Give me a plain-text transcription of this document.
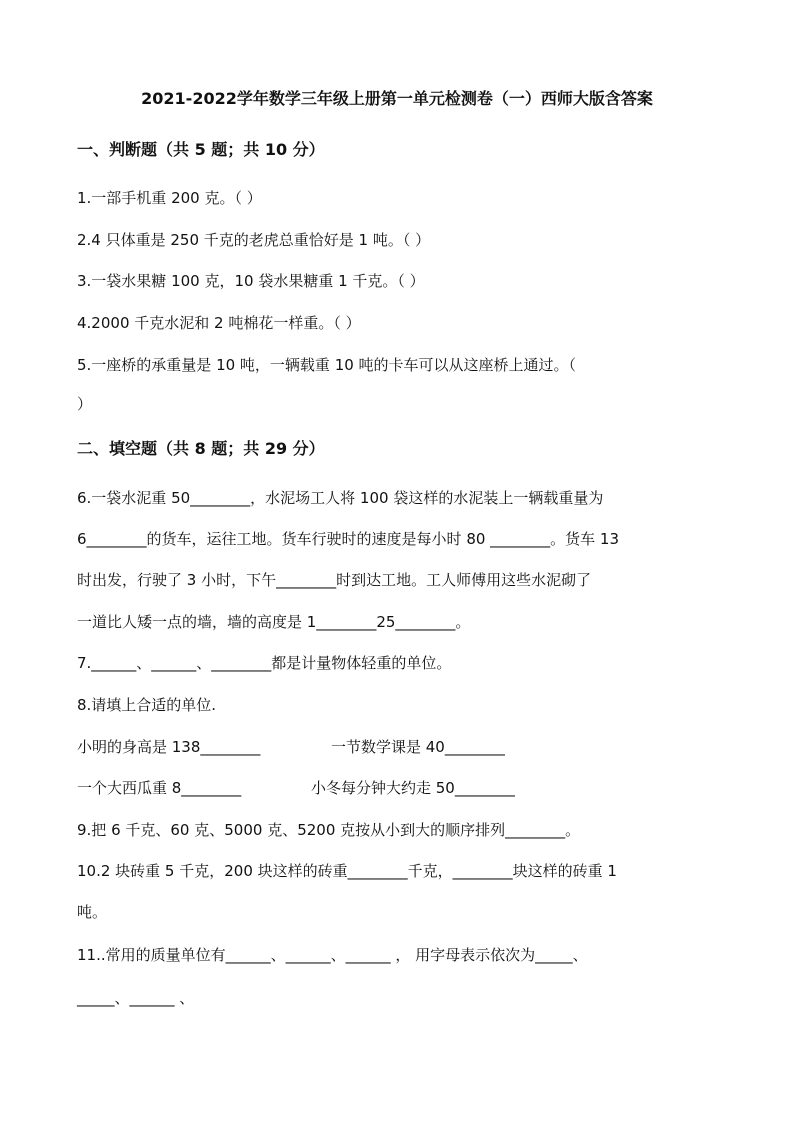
2021-2022学年数学三年级上册第一单元检测卷（一）西师大版含答案
一、判断题（共 5 题；共 10 分）
1.一部手机重 200 克。（ ）
2.4 只体重是 250 千克的老虎总重恰好是 1 吨。（ ）
3.一袋水果糖 100 克，10 袋水果糖重 1 千克。（ ）
4.2000 千克水泥和 2 吨棉花一样重。（ ）
5.一座桥的承重量是 10 吨，一辆载重 10 吨的卡车可以从这座桥上通过。（
）
二、填空题（共 8 题；共 29 分）
6.一袋水泥重 50________，水泥场工人将 100 袋这样的水泥装上一辆载重量为
6________的货车，运往工地。货车行驶时的速度是每小时 80 ________。货车 13
时出发，行驶了 3 小时，下午________时到达工地。工人师傅用这些水泥砌了
一道比人矮一点的墙，墙的高度是 1________25________。
7.______、______、________都是计量物体轻重的单位。
8.请填上合适的单位.
小明的身高是 138________	一节数学课是 40________
一个大西瓜重 8________	小冬每分钟大约走 50________
9.把 6 千克、60 克、5000 克、5200 克按从小到大的顺序排列________。
10.2 块砖重 5 千克，200 块这样的砖重________千克，________块这样的砖重 1
吨。
11..常用的质量单位有______、______、______ ， 用字母表示依次为_____、
_____、______ 、
